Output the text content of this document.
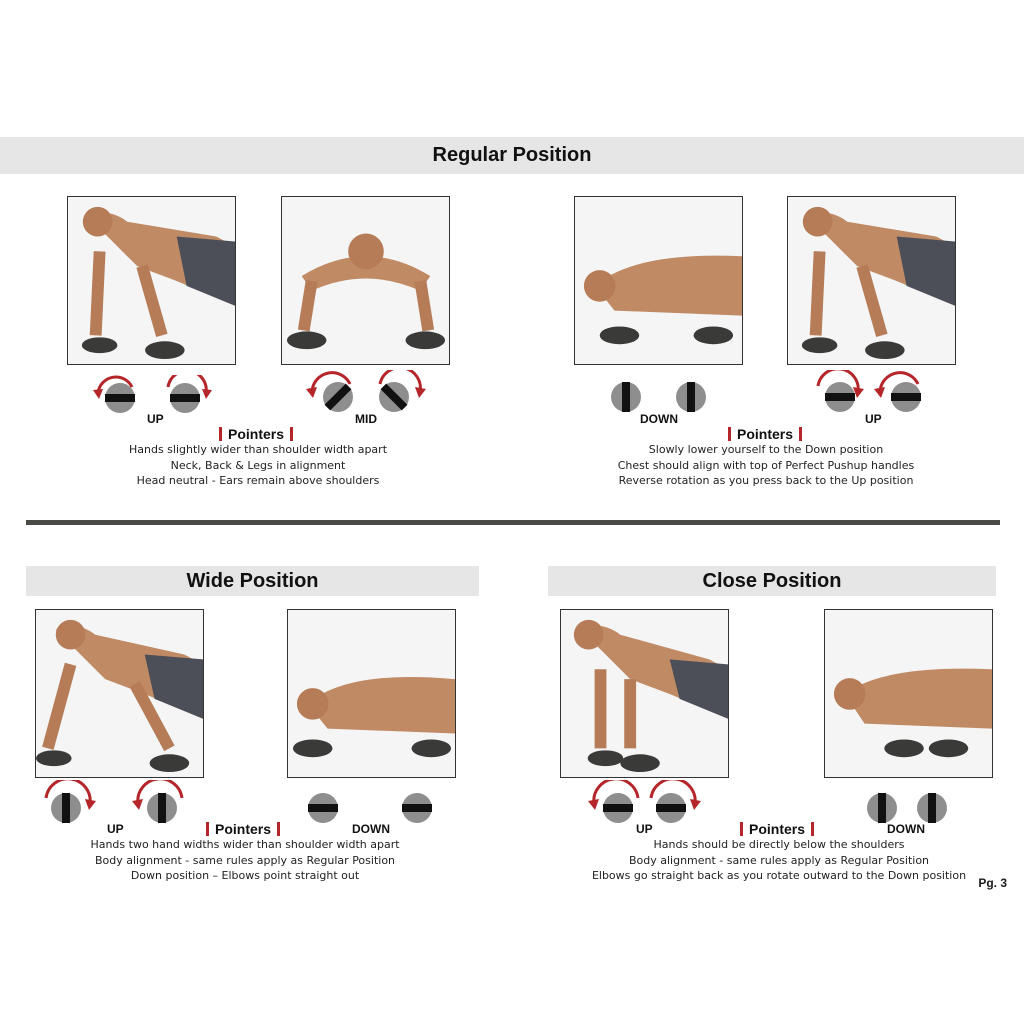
Regular Position
UP	MID
Pointers
Hands slightly wider than shoulder width apart
Neck, Back & Legs in alignment
Head neutral - Ears remain above shoulders
DOWN	UP
Pointers
Slowly lower yourself to the Down position
Chest should align with top of Perfect Pushup handles
Reverse rotation as you press back to the Up position
Wide Position
UP	DOWN
Pointers
Hands two hand widths wider than shoulder width apart
Body alignment - same rules apply as Regular Position
Down position – Elbows point straight out
Close Position
UP	DOWN
Pointers
Hands should be directly below the shoulders
Body alignment - same rules apply as Regular Position
Elbows go straight back as you rotate outward to the Down position
Pg. 3
